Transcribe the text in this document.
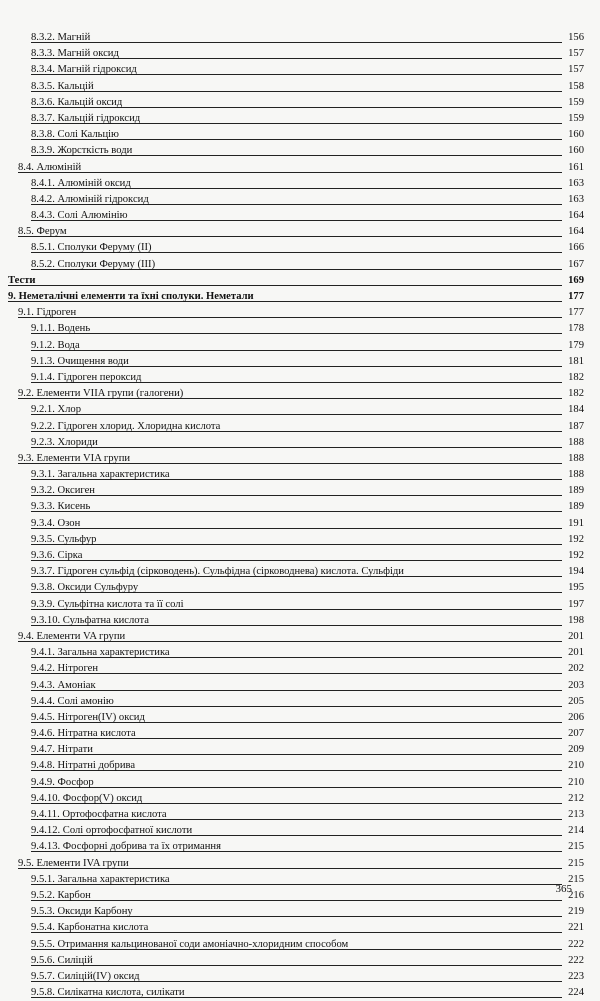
8.3.2. Магній	156
8.3.3. Магній оксид	157
8.3.4. Магній гідроксид	157
8.3.5. Кальцій	158
8.3.6. Кальцій оксид	159
8.3.7. Кальцій гідроксид	159
8.3.8. Солі Кальцію	160
8.3.9. Жорсткість води	160
8.4. Алюміній	161
8.4.1. Алюміній оксид	163
8.4.2. Алюміній гідроксид	163
8.4.3. Солі Алюмінію	164
8.5. Ферум	164
8.5.1. Сполуки Феруму (II)	166
8.5.2. Сполуки Феруму (III)	167
Тести	169
9. Неметалічні елементи та їхні сполуки. Неметали	177
9.1. Гідроген	177
9.1.1. Водень	178
9.1.2. Вода	179
9.1.3. Очищення води	181
9.1.4. Гідроген пероксид	182
9.2. Елементи VIIA групи (галогени)	182
9.2.1. Хлор	184
9.2.2. Гідроген хлорид. Хлоридна кислота	187
9.2.3. Хлориди	188
9.3. Елементи VIA групи	188
9.3.1. Загальна характеристика	188
9.3.2. Оксиген	189
9.3.3. Кисень	189
9.3.4. Озон	191
9.3.5. Сульфур	192
9.3.6. Сірка	192
9.3.7. Гідроген сульфід (сірководень). Сульфідна (сірководнева) кислота. Сульфіди	194
9.3.8. Оксиди Сульфуру	195
9.3.9. Сульфітна кислота та її солі	197
9.3.10. Сульфатна кислота	198
9.4. Елементи VA групи	201
9.4.1. Загальна характеристика	201
9.4.2. Нітроген	202
9.4.3. Амоніак	203
9.4.4. Солі амонію	205
9.4.5. Нітроген(IV) оксид	206
9.4.6. Нітратна кислота	207
9.4.7. Нітрати	209
9.4.8. Нітратні добрива	210
9.4.9. Фосфор	210
9.4.10. Фосфор(V) оксид	212
9.4.11. Ортофосфатна кислота	213
9.4.12. Солі ортофосфатної кислоти	214
9.4.13. Фосфорні добрива та їх отримання	215
9.5. Елементи IVA групи	215
9.5.1. Загальна характеристика	215
9.5.2. Карбон	216
9.5.3. Оксиди Карбону	219
9.5.4. Карбонатна кислота	221
9.5.5. Отримання кальцинованої соди амоніачно-хлоридним способом	222
9.5.6. Силіцій	222
9.5.7. Силіцій(IV) оксид	223
9.5.8. Силікатна кислота, силікати	224
365
